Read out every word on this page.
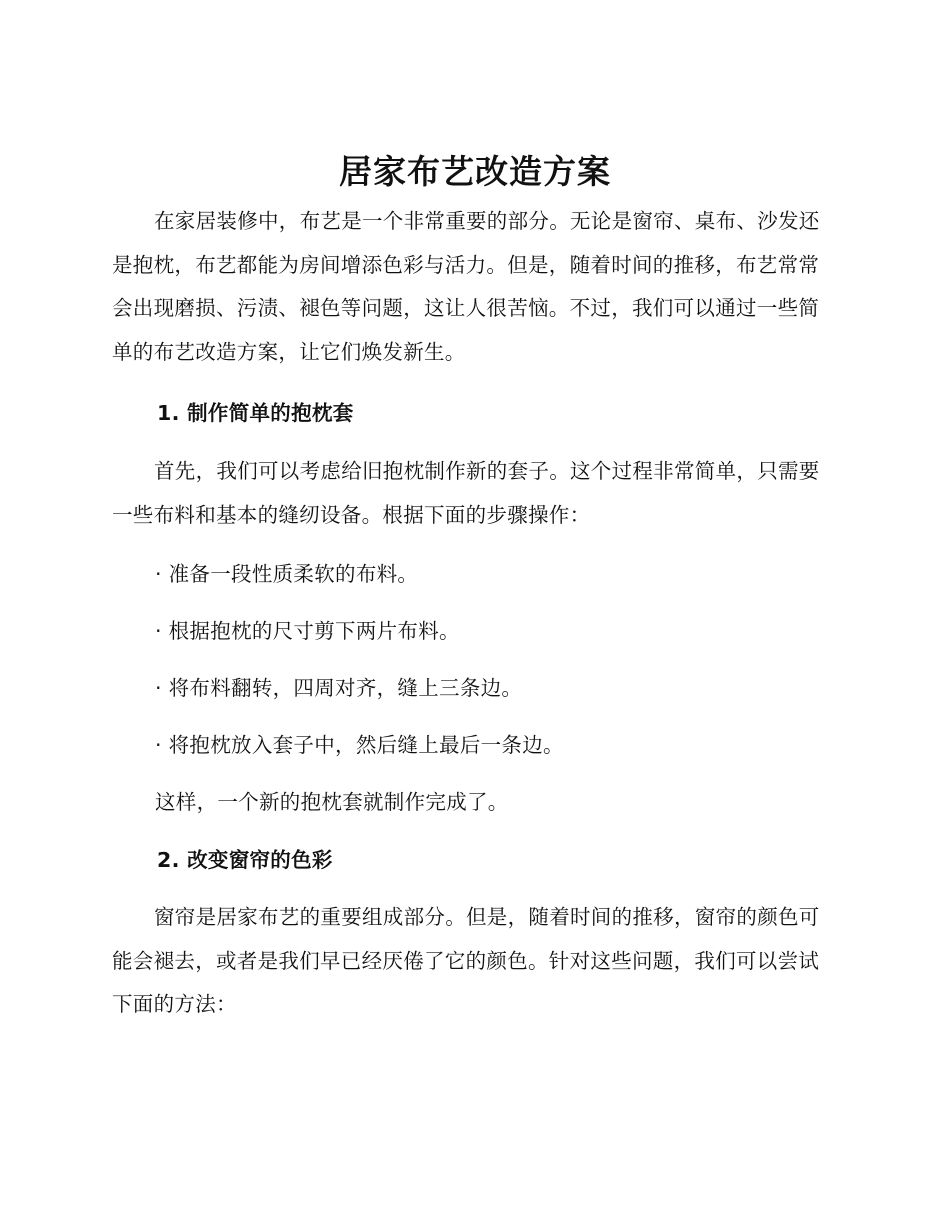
居家布艺改造方案

在家居装修中，布艺是一个非常重要的部分。无论是窗帘、桌布、沙发还是抱枕，布艺都能为房间增添色彩与活力。但是，随着时间的推移，布艺常常会出现磨损、污渍、褪色等问题，这让人很苦恼。不过，我们可以通过一些简单的布艺改造方案，让它们焕发新生。

1. 制作简单的抱枕套

首先，我们可以考虑给旧抱枕制作新的套子。这个过程非常简单，只需要一些布料和基本的缝纫设备。根据下面的步骤操作：

· 准备一段性质柔软的布料。
· 根据抱枕的尺寸剪下两片布料。
· 将布料翻转，四周对齐，缝上三条边。
· 将抱枕放入套子中，然后缝上最后一条边。
这样，一个新的抱枕套就制作完成了。
2. 改变窗帘的色彩

窗帘是居家布艺的重要组成部分。但是，随着时间的推移，窗帘的颜色可能会褪去，或者是我们早已经厌倦了它的颜色。针对这些问题，我们可以尝试下面的方法：
